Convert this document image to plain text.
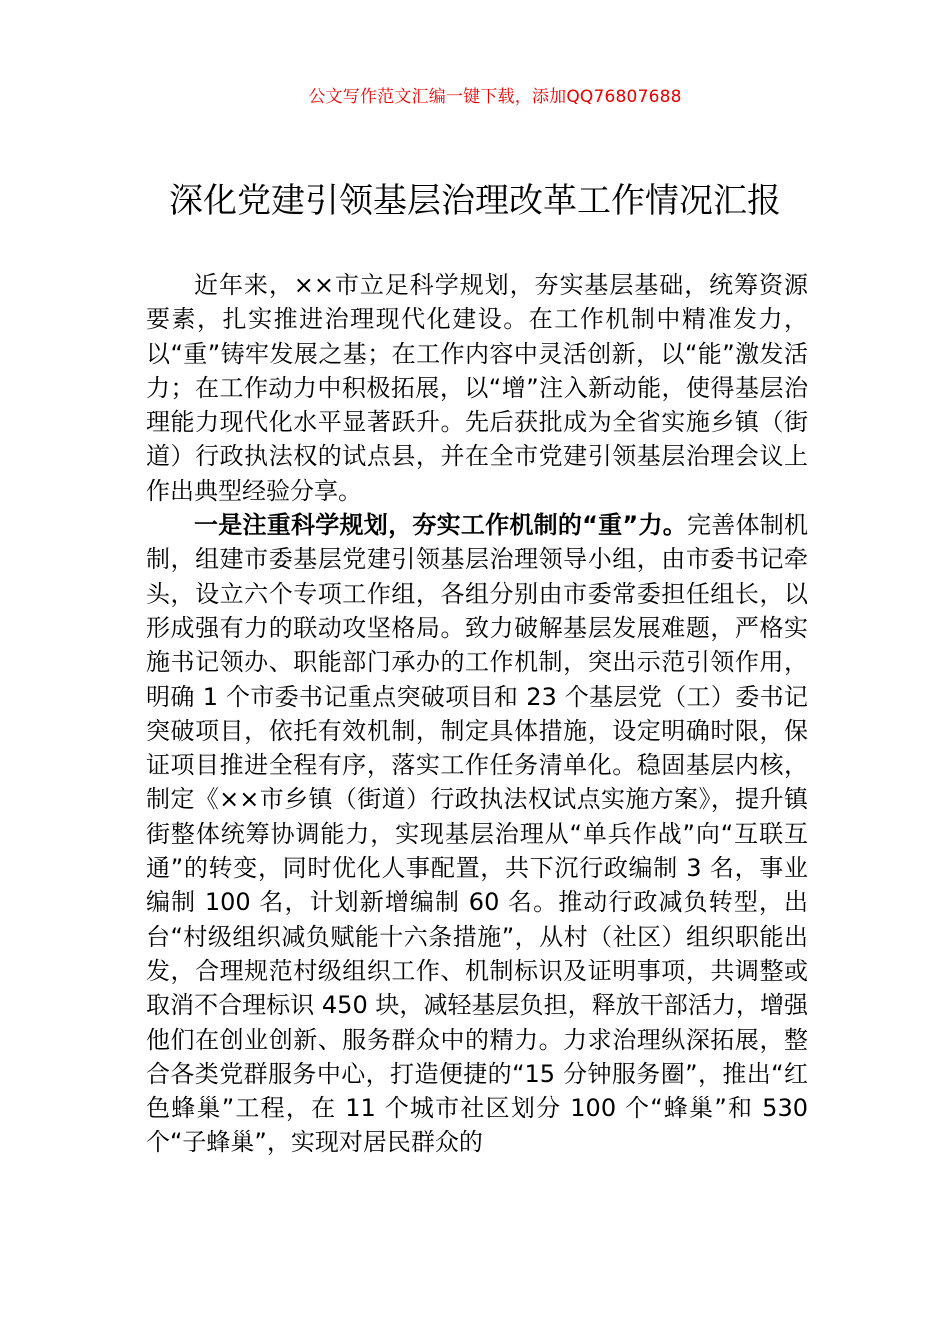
公文写作范文汇编一键下载，添加QQ76807688
深化党建引领基层治理改革工作情况汇报

近年来，××市立足科学规划，夯实基层基础，统筹资源要素，扎实推进治理现代化建设。在工作机制中精准发力，以“重”铸牢发展之基；在工作内容中灵活创新，以“能”激发活力；在工作动力中积极拓展，以“增”注入新动能，使得基层治理能力现代化水平显著跃升。先后获批成为全省实施乡镇（街道）行政执法权的试点县，并在全市党建引领基层治理会议上作出典型经验分享。

一是注重科学规划，夯实工作机制的“重”力。完善体制机制，组建市委基层党建引领基层治理领导小组，由市委书记牵头，设立六个专项工作组，各组分别由市委常委担任组长，以形成强有力的联动攻坚格局。致力破解基层发展难题，严格实施书记领办、职能部门承办的工作机制，突出示范引领作用，明确 1 个市委书记重点突破项目和 23 个基层党（工）委书记突破项目，依托有效机制，制定具体措施，设定明确时限，保证项目推进全程有序，落实工作任务清单化。稳固基层内核，制定《××市乡镇（街道）行政执法权试点实施方案》，提升镇街整体统筹协调能力，实现基层治理从“单兵作战”向“互联互通”的转变，同时优化人事配置，共下沉行政编制 3 名，事业编制 100 名，计划新增编制 60 名。推动行政减负转型，出台“村级组织减负赋能十六条措施”，从村（社区）组织职能出发，合理规范村级组织工作、机制标识及证明事项，共调整或取消不合理标识 450 块，减轻基层负担，释放干部活力，增强他们在创业创新、服务群众中的精力。力求治理纵深拓展，整合各类党群服务中心，打造便捷的“15 分钟服务圈”，推出“红色蜂巢”工程，在 11 个城市社区划分 100 个“蜂巢”和 530 个“子蜂巢”，实现对居民群众的
